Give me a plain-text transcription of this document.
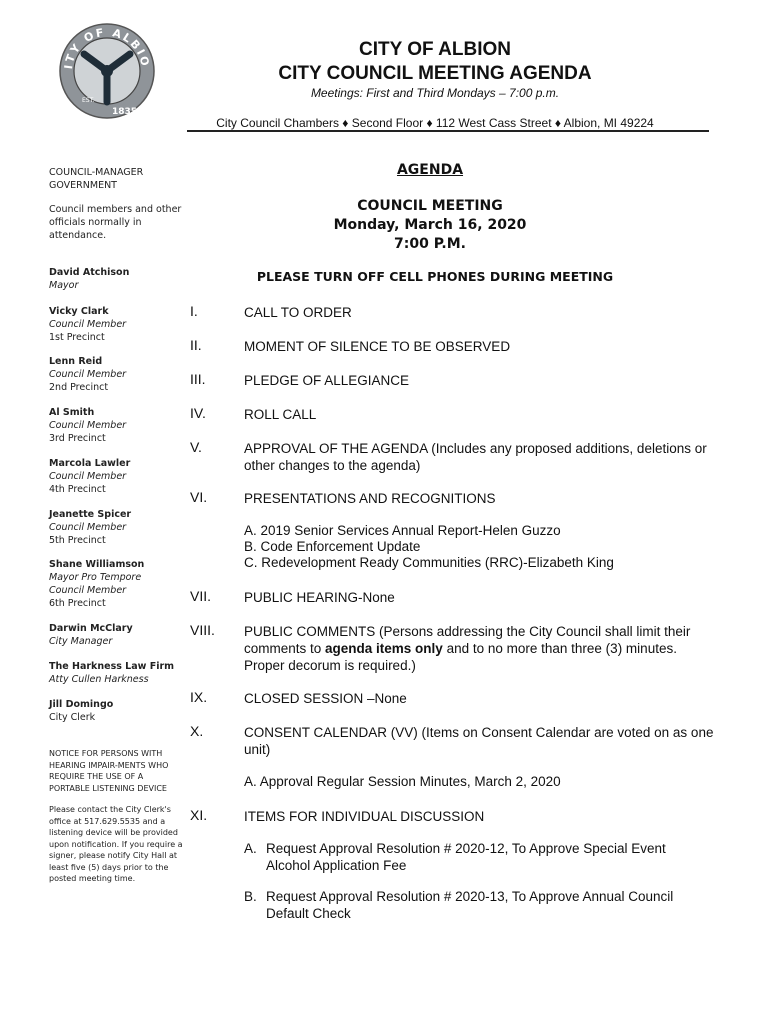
ITY OF ALBIO
EST.
1835
CITY OF ALBION
CITY COUNCIL MEETING AGENDA
Meetings: First and Third Mondays – 7:00 p.m.
City Council Chambers ♦ Second Floor ♦ 112 West Cass Street ♦ Albion, MI 49224
COUNCIL-MANAGER GOVERNMENT
Council members and other officials normally in attendance.
David Atchison
Mayor
Vicky Clark
Council Member
1st Precinct
Lenn Reid
Council Member
2nd Precinct
Al Smith
Council Member
3rd Precinct
Marcola Lawler
Council Member
4th Precinct
Jeanette Spicer
Council Member
5th Precinct
Shane Williamson
Mayor Pro Tempore
Council Member
6th Precinct
Darwin McClary
City Manager
The Harkness Law Firm
Atty Cullen Harkness
Jill Domingo
City Clerk
NOTICE FOR PERSONS WITH HEARING IMPAIR-MENTS WHO REQUIRE THE USE OF A PORTABLE LISTENING DEVICE
Please contact the City Clerk's office at 517.629.5535 and a listening device will be provided upon notification. If you require a signer, please notify City Hall at least five (5) days prior to the posted meeting time.
AGENDA
COUNCIL MEETING
Monday, March 16, 2020
7:00 P.M.
PLEASE TURN OFF CELL PHONES DURING MEETING
I.	CALL TO ORDER
II.	MOMENT OF SILENCE TO BE OBSERVED
III.	PLEDGE OF ALLEGIANCE
IV.	ROLL CALL
V.	APPROVAL OF THE AGENDA (Includes any proposed additions, deletions or other changes to the agenda)
VI.	PRESENTATIONS AND RECOGNITIONS
A. 2019 Senior Services Annual Report-Helen Guzzo
B. Code Enforcement Update
C. Redevelopment Ready Communities (RRC)-Elizabeth King
VII. PUBLIC HEARING-None
VIII. PUBLIC COMMENTS (Persons addressing the City Council shall limit their comments to agenda items only and to no more than three (3) minutes. Proper decorum is required.)
IX.	CLOSED SESSION –None
X.	CONSENT CALENDAR (VV) (Items on Consent Calendar are voted on as one unit)
A. Approval Regular Session Minutes, March 2, 2020
XI.	ITEMS FOR INDIVIDUAL DISCUSSION
A. Request Approval Resolution # 2020-12, To Approve Special Event Alcohol Application Fee
B. Request Approval Resolution # 2020-13, To Approve Annual Council Default Check
